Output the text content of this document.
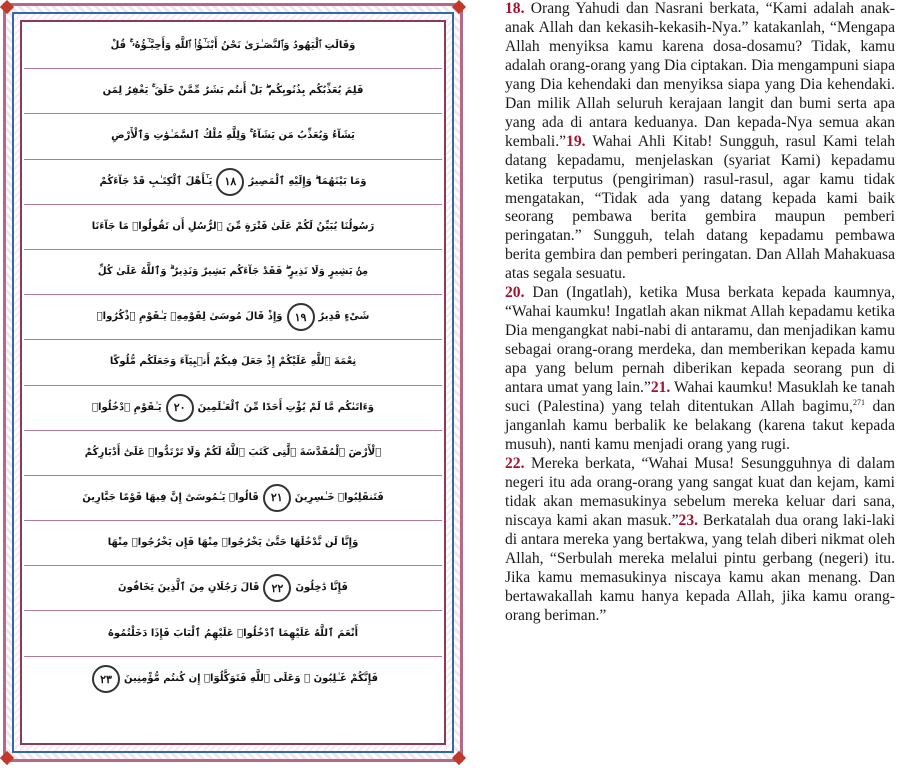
وَقَالَتِ ٱلْيَهُودُ وَٱلنَّصَـٰرَىٰ نَحْنُ أَبْنَـٰٓؤُا۟ ٱللَّهِ وَأَحِبَّـٰٓؤُهُۥ ۚ قُلْ
فَلِمَ يُعَذِّبُكُم بِذُنُوبِكُم ۖ بَلْ أَنتُم بَشَرٌ مِّمَّنْ خَلَقَ ۚ يَغْفِرُ لِمَن
يَشَآءُ وَيُعَذِّبُ مَن يَشَآءُ ۚ وَلِلَّهِ مُلْكُ ٱلسَّمَـٰوَٰتِ وَٱلْأَرْضِ
وَمَا بَيْنَهُمَا ۖ وَإِلَيْهِ ٱلْمَصِيرُ
١٨
يَـٰٓأَهْلَ ٱلْكِتَـٰبِ قَدْ جَآءَكُمْ
رَسُولُنَا يُبَيِّنُ لَكُمْ عَلَىٰ فَتْرَةٍ مِّنَ ٱلرُّسُلِ أَن تَقُولُوا۟ مَا جَآءَنَا
مِنۢ بَشِيرٍ وَلَا نَذِيرٍ ۖ فَقَدْ جَآءَكُم بَشِيرٌ وَنَذِيرٌ ۗ وَٱللَّهُ عَلَىٰ كُلِّ
شَىْءٍ قَدِيرٌ
١٩
وَإِذْ قَالَ مُوسَىٰ لِقَوْمِهِۦ يَـٰقَوْمِ ٱذْكُرُوا۟
نِعْمَةَ ٱللَّهِ عَلَيْكُمْ إِذْ جَعَلَ فِيكُمْ أَنۢبِيَآءَ وَجَعَلَكُم مُّلُوكًا
وَءَاتَىٰكُم مَّا لَمْ يُؤْتِ أَحَدًا مِّنَ ٱلْعَـٰلَمِينَ
٢٠
يَـٰقَوْمِ ٱدْخُلُوا۟
ٱلْأَرْضَ ٱلْمُقَدَّسَةَ ٱلَّتِى كَتَبَ ٱللَّهُ لَكُمْ وَلَا تَرْتَدُّوا۟ عَلَىٰٓ أَدْبَارِكُمْ
فَتَنقَلِبُوا۟ خَـٰسِرِينَ
٢١
قَالُوا۟ يَـٰمُوسَىٰٓ إِنَّ فِيهَا قَوْمًا جَبَّارِينَ
وَإِنَّا لَن نَّدْخُلَهَا حَتَّىٰ يَخْرُجُوا۟ مِنْهَا فَإِن يَخْرُجُوا۟ مِنْهَا
فَإِنَّا دَٰخِلُونَ
٢٢
قَالَ رَجُلَانِ مِنَ ٱلَّذِينَ يَخَافُونَ
أَنْعَمَ ٱللَّهُ عَلَيْهِمَا ٱدْخُلُوا۟ عَلَيْهِمُ ٱلْبَابَ فَإِذَا دَخَلْتُمُوهُ
فَإِنَّكُمْ غَـٰلِبُونَ ۚ وَعَلَى ٱللَّهِ فَتَوَكَّلُوٓا۟ إِن كُنتُم مُّؤْمِنِينَ
٢٣

18. Orang Yahudi dan Nasrani berkata, “Kami adalah anak-anak Allah dan kekasih-kekasih-Nya.” katakanlah, “Mengapa Allah menyiksa kamu karena dosa-dosamu? Tidak, kamu adalah orang-orang yang Dia ciptakan. Dia mengampuni siapa yang Dia kehendaki dan menyiksa siapa yang Dia kehendaki. Dan milik Allah seluruh kerajaan langit dan bumi serta apa yang ada di antara keduanya. Dan kepada-Nya semua akan kembali.”19. Wahai Ahli Kitab! Sungguh, rasul Kami telah datang kepadamu, menjelaskan (syariat Kami) kepadamu ketika terputus (pengiriman) rasul-rasul, agar kamu tidak mengatakan, “Tidak ada yang datang kepada kami baik seorang pembawa berita gembira maupun pemberi peringatan.” Sungguh, telah datang kepadamu pembawa berita gembira dan pemberi peringatan. Dan Allah Mahakuasa atas segala sesuatu.

20. Dan (Ingatlah), ketika Musa berkata kepada kaumnya, “Wahai kaumku! Ingatlah akan nikmat Allah kepadamu ketika Dia mengangkat nabi-nabi di antaramu, dan menjadikan kamu sebagai orang-orang merdeka, dan memberikan kepada kamu apa yang belum pernah diberikan kepada seorang pun di antara umat yang lain.”21. Wahai kaumku! Masuklah ke tanah suci (Palestina) yang telah ditentukan Allah bagimu,$^{271}$ dan janganlah kamu berbalik ke belakang (karena takut kepada musuh), nanti kamu menjadi orang yang rugi.

22. Mereka berkata, “Wahai Musa! Sesungguhnya di dalam negeri itu ada orang-orang yang sangat kuat dan kejam, kami tidak akan memasukinya sebelum mereka keluar dari sana, niscaya kami akan masuk.”23. Berkatalah dua orang laki-laki di antara mereka yang bertakwa, yang telah diberi nikmat oleh Allah, “Serbulah mereka melalui pintu gerbang (negeri) itu. Jika kamu memasukinya niscaya kamu akan menang. Dan bertawakallah kamu hanya kepada Allah, jika kamu orang-orang beriman.”
